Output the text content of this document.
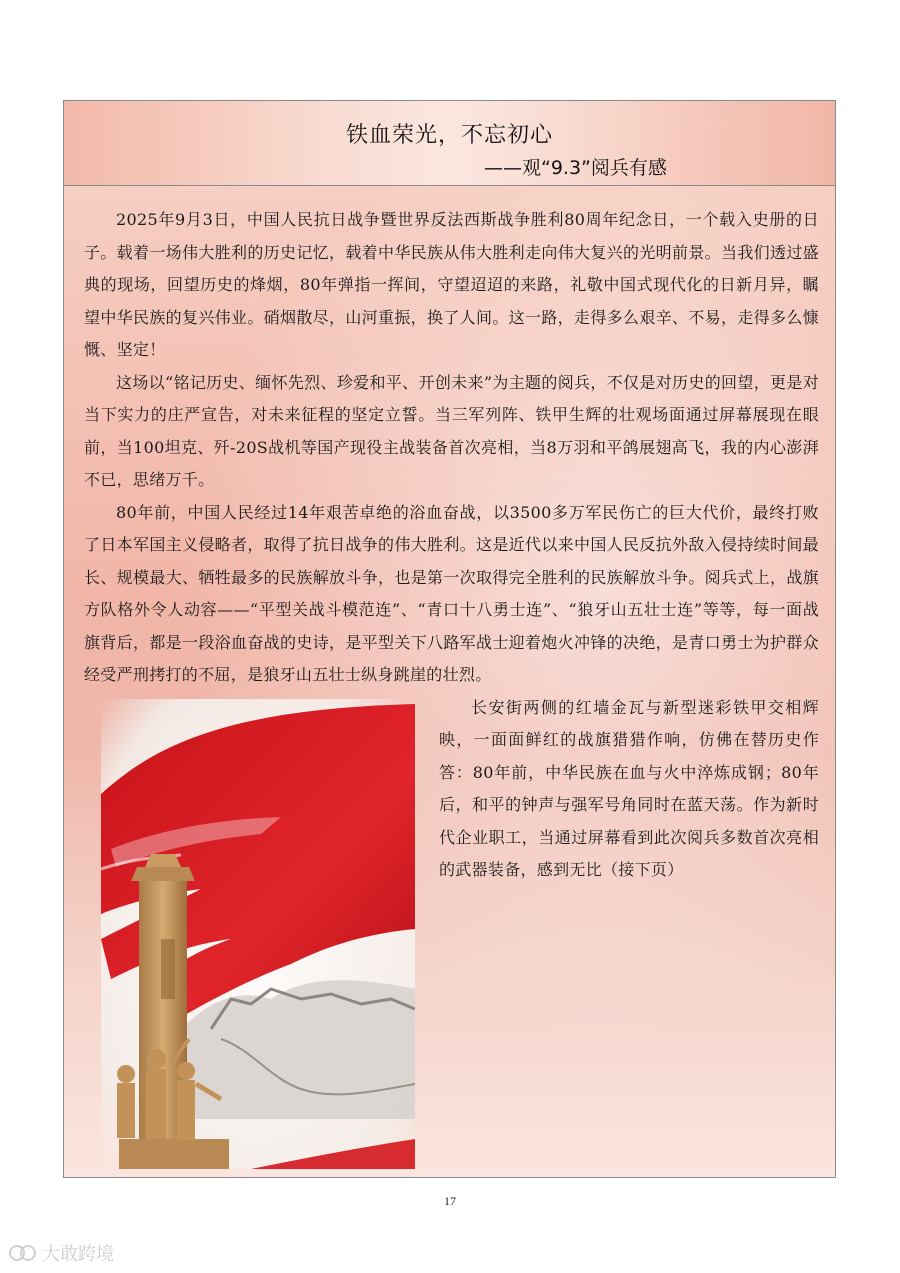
铁血荣光，不忘初心
——观“9.3”阅兵有感

2025年9月3日，中国人民抗日战争暨世界反法西斯战争胜利80周年纪念日，一个载入史册的日子。载着一场伟大胜利的历史记忆，载着中华民族从伟大胜利走向伟大复兴的光明前景。当我们透过盛典的现场，回望历史的烽烟，80年弹指一挥间，守望迢迢的来路，礼敬中国式现代化的日新月异，瞩望中华民族的复兴伟业。硝烟散尽，山河重振，换了人间。这一路，走得多么艰辛、不易，走得多么慷慨、坚定！

这场以“铭记历史、缅怀先烈、珍爱和平、开创未来”为主题的阅兵，不仅是对历史的回望，更是对当下实力的庄严宣告，对未来征程的坚定立誓。当三军列阵、铁甲生辉的壮观场面通过屏幕展现在眼前，当100坦克、歼-20S战机等国产现役主战装备首次亮相，当8万羽和平鸽展翅高飞，我的内心澎湃不已，思绪万千。

80年前，中国人民经过14年艰苦卓绝的浴血奋战，以3500多万军民伤亡的巨大代价，最终打败了日本军国主义侵略者，取得了抗日战争的伟大胜利。这是近代以来中国人民反抗外敌入侵持续时间最长、规模最大、牺牲最多的民族解放斗争，也是第一次取得完全胜利的民族解放斗争。阅兵式上，战旗方队格外令人动容——“平型关战斗模范连”、“青口十八勇士连”、“狼牙山五壮士连”等等，每一面战旗背后，都是一段浴血奋战的史诗，是平型关下八路军战士迎着炮火冲锋的决绝，是青口勇士为护群众经受严刑拷打的不屈，是狼牙山五壮士纵身跳崖的壮烈。

长安街两侧的红墙金瓦与新型迷彩铁甲交相辉映，一面面鲜红的战旗猎猎作响，仿佛在替历史作答：80年前，中华民族在血与火中淬炼成钢；80年后，和平的钟声与强军号角同时在蓝天荡。作为新时代企业职工，当通过屏幕看到此次阅兵多数首次亮相的武器装备，感到无比（接下页）

17
大敢跨境
